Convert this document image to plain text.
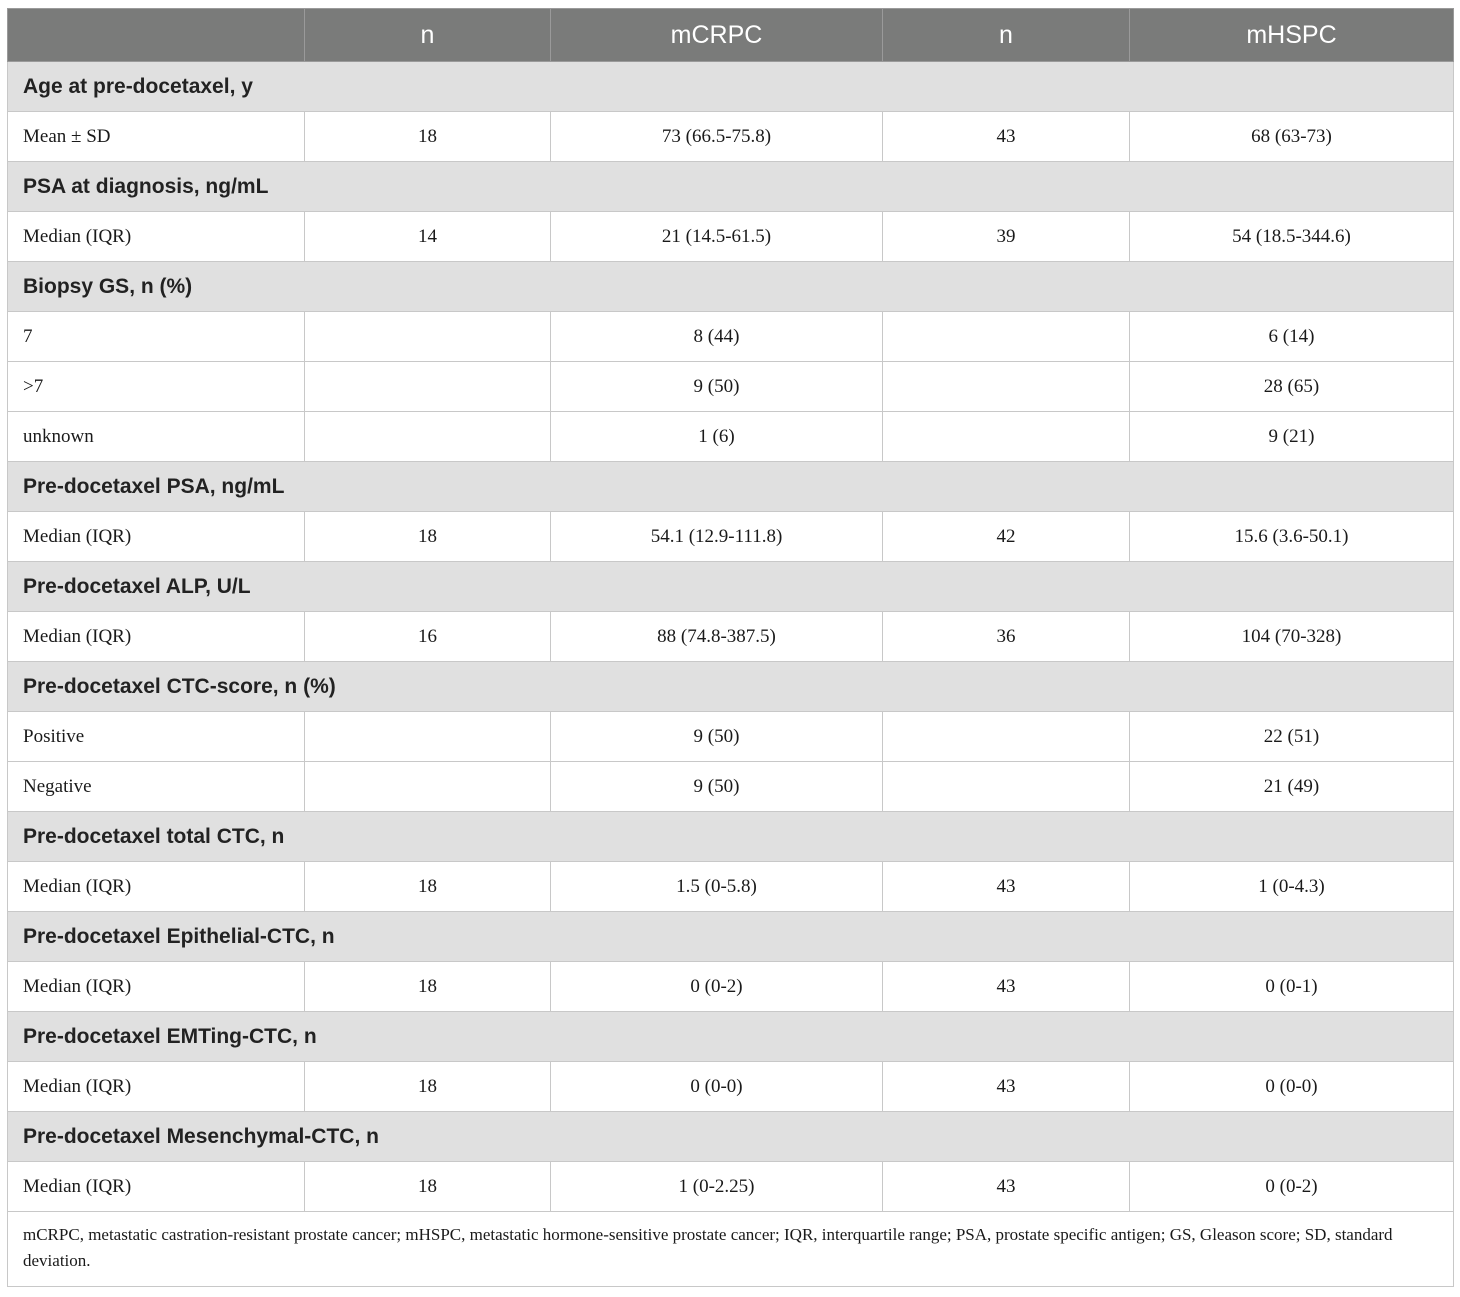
	n	mCRPC	n	mHSPC
Age at pre-docetaxel, y				
Mean ± SD	18	73 (66.5-75.8)	43	68 (63-73)
PSA at diagnosis, ng/mL				
Median (IQR)	14	21 (14.5-61.5)	39	54 (18.5-344.6)
Biopsy GS, n (%)				
7		8 (44)		6 (14)
>7		9 (50)		28 (65)
unknown		1 (6)		9 (21)
Pre-docetaxel PSA, ng/mL				
Median (IQR)	18	54.1 (12.9-111.8)	42	15.6 (3.6-50.1)
Pre-docetaxel ALP, U/L				
Median (IQR)	16	88 (74.8-387.5)	36	104 (70-328)
Pre-docetaxel CTC-score, n (%)				
Positive		9 (50)		22 (51)
Negative		9 (50)		21 (49)
Pre-docetaxel total CTC, n				
Median (IQR)	18	1.5 (0-5.8)	43	1 (0-4.3)
Pre-docetaxel Epithelial-CTC, n				
Median (IQR)	18	0 (0-2)	43	0 (0-1)
Pre-docetaxel EMTing-CTC, n				
Median (IQR)	18	0 (0-0)	43	0 (0-0)
Pre-docetaxel Mesenchymal-CTC, n				
Median (IQR)	18	1 (0-2.25)	43	0 (0-2)
mCRPC, metastatic castration-resistant prostate cancer; mHSPC, metastatic hormone-sensitive prostate cancer; IQR, interquartile range; PSA, prostate specific antigen; GS, Gleason score; SD, standard deviation.				
